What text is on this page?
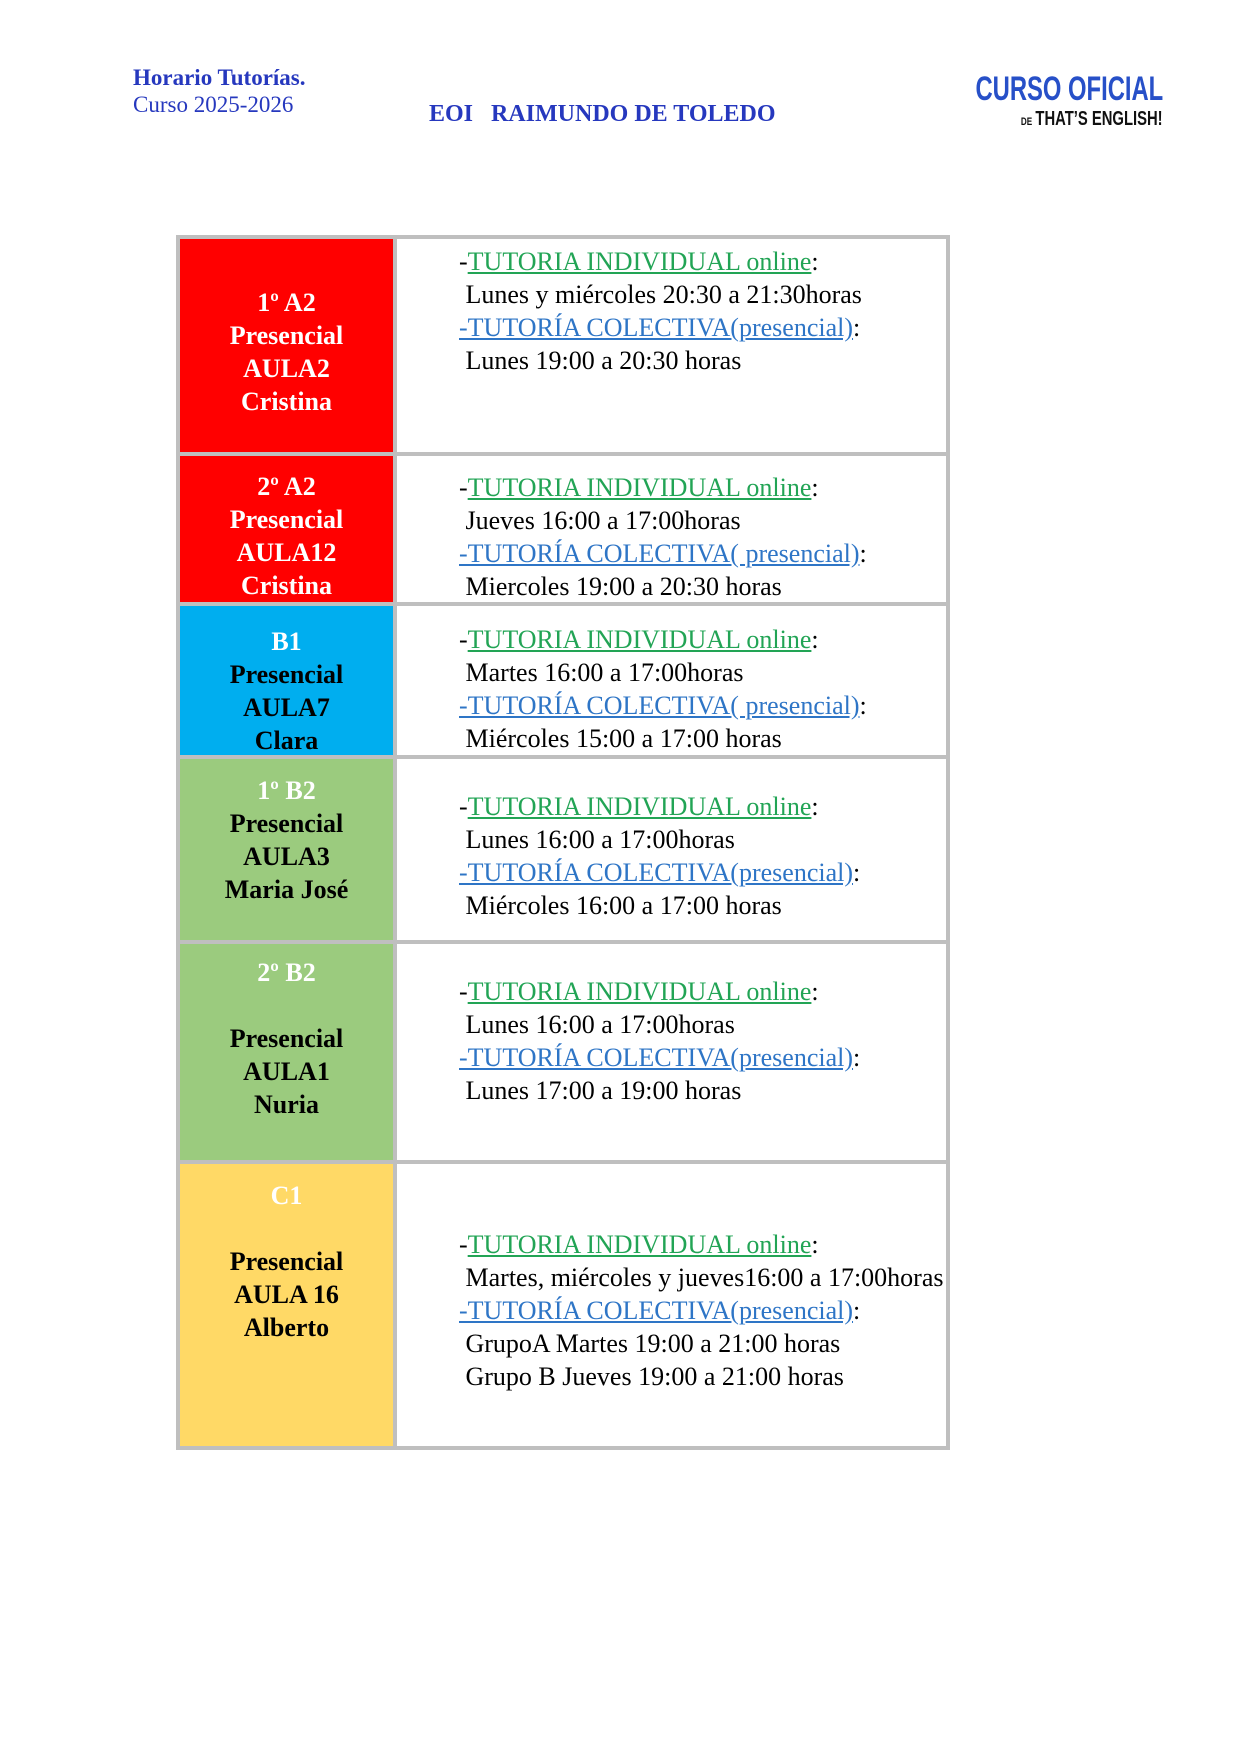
Horario Tutorías.
Curso 2025-2026	EOI   RAIMUNDO DE TOLEDO
CURSO OFICIAL
DE THAT’S ENGLISH!
1º A2
Presencial
AULA2
Cristina
-TUTORIA INDIVIDUAL online:
Lunes y miércoles 20:30 a 21:30horas
-TUTORÍA COLECTIVA(presencial):
Lunes 19:00 a 20:30 horas
2º A2
Presencial
AULA12
Cristina
-TUTORIA INDIVIDUAL online:
Jueves 16:00 a 17:00horas
-TUTORÍA COLECTIVA( presencial):
Miercoles 19:00 a 20:30 horas
B1
Presencial
AULA7
Clara
-TUTORIA INDIVIDUAL online:
Martes 16:00 a 17:00horas
-TUTORÍA COLECTIVA( presencial):
Miércoles 15:00 a 17:00 horas
1º B2
Presencial
AULA3
Maria José
-TUTORIA INDIVIDUAL online:
Lunes 16:00 a 17:00horas
-TUTORÍA COLECTIVA(presencial):
Miércoles 16:00 a 17:00 horas
2º B2
Presencial
AULA1
Nuria
-TUTORIA INDIVIDUAL online:
Lunes 16:00 a 17:00horas
-TUTORÍA COLECTIVA(presencial):
Lunes 17:00 a 19:00 horas
C1
Presencial
AULA 16
Alberto
-TUTORIA INDIVIDUAL online:
Martes, miércoles y jueves16:00 a 17:00horas
-TUTORÍA COLECTIVA(presencial):
GrupoA Martes 19:00 a 21:00 horas
Grupo B Jueves 19:00 a 21:00 horas
